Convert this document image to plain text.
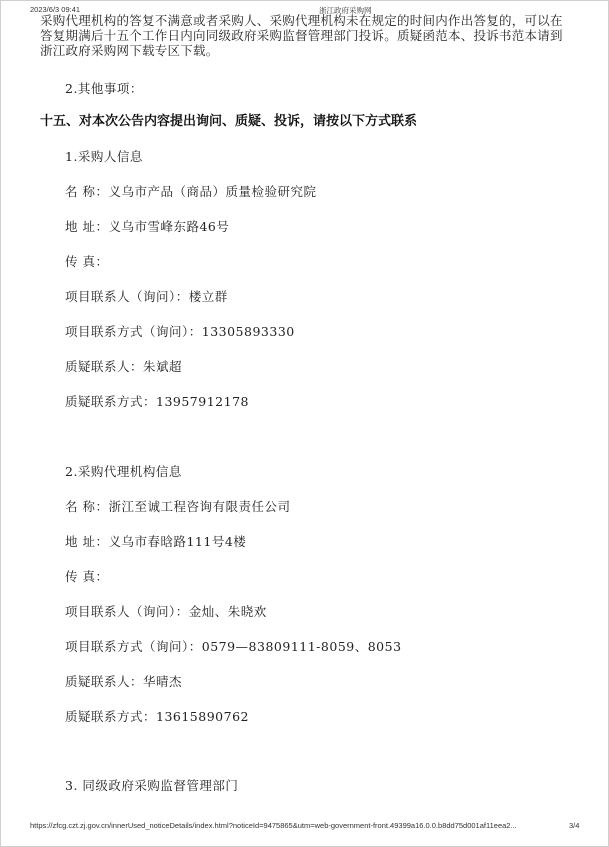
2023/6/3 09:41	浙江政府采购网
采购代理机构的答复不满意或者采购人、采购代理机构未在规定的时间内作出答复的，可以在答复期满后十五个工作日内向同级政府采购监督管理部门投诉。质疑函范本、投诉书范本请到浙江政府采购网下载专区下载。
2.其他事项：
十五、对本次公告内容提出询问、质疑、投诉，请按以下方式联系
1.采购人信息
名 称：义乌市产品（商品）质量检验研究院
地 址：义乌市雪峰东路46号
传 真：
项目联系人（询问）：楼立群
项目联系方式（询问）：13305893330
质疑联系人：朱斌超
质疑联系方式：13957912178
2.采购代理机构信息
名 称：浙江至诚工程咨询有限责任公司
地 址：义乌市春晗路111号4楼
传 真：
项目联系人（询问）：金灿、朱晓欢
项目联系方式（询问）：0579—83809111-8059、8053
质疑联系人：华晴杰
质疑联系方式：13615890762
3. 同级政府采购监督管理部门
https://zfcg.czt.zj.gov.cn/innerUsed_noticeDetails/index.html?noticeId=9475865&utm=web-government-front.49399a16.0.0.b8dd75d001af11eea2...	3/4
